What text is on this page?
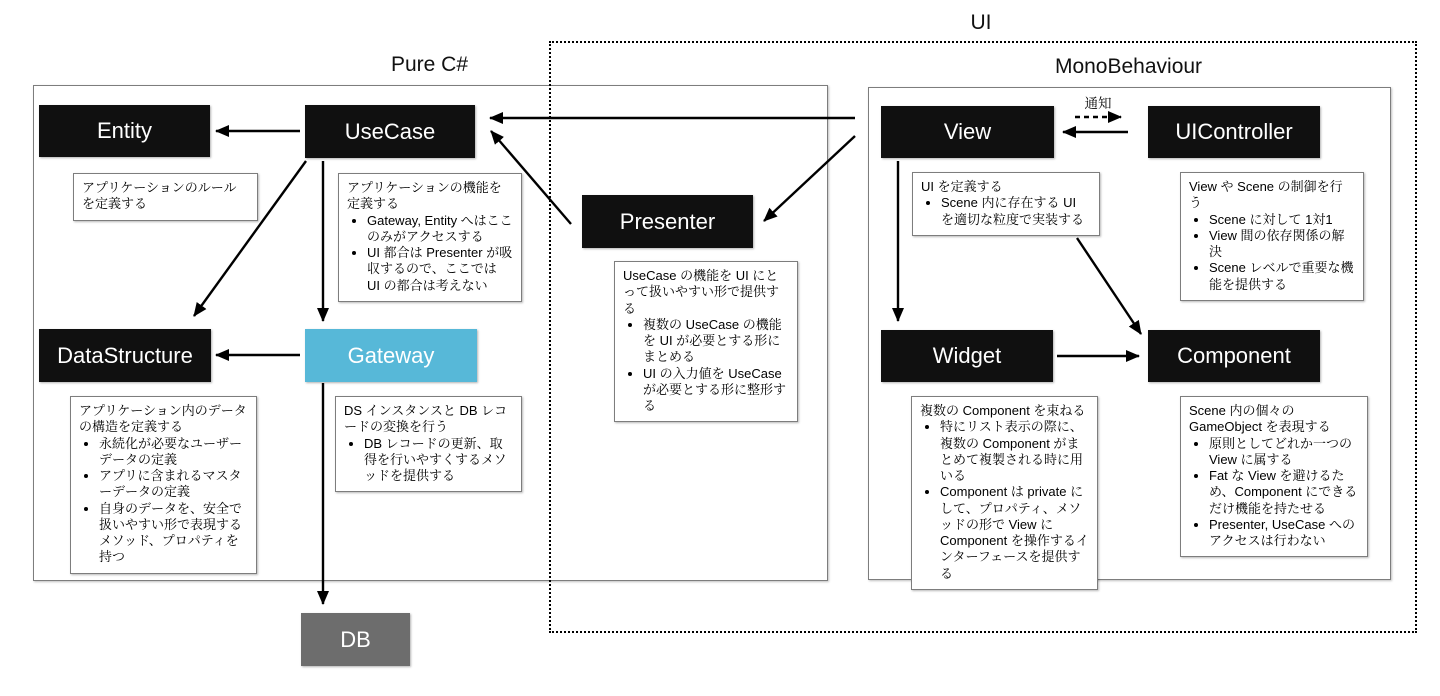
Pure C#
UI
MonoBehaviour
通知
Entity	UseCase
Presenter
DataStructure	Gateway
View	UIController
Widget	Component
DB
アプリケーションのルールを定義する
アプリケーションの機能を定義する
• Gateway, Entity へはここのみがアクセスする
• UI 都合は Presenter が吸収するので、ここでは UI の都合は考えない
UseCase の機能を UI にとって扱いやすい形で提供する
• 複数の UseCase の機能を UI が必要とする形にまとめる
• UI の入力値を UseCase が必要とする形に整形する
アプリケーション内のデータの構造を定義する
• 永続化が必要なユーザーデータの定義
• アプリに含まれるマスターデータの定義
• 自身のデータを、安全で扱いやすい形で表現するメソッド、プロパティを持つ
DS インスタンスと DB レコードの変換を行う
• DB レコードの更新、取得を行いやすくするメソッドを提供する
UI を定義する
• Scene 内に存在する UI を適切な粒度で実装する
View や Scene の制御を行う
• Scene に対して 1対1
• View 間の依存関係の解決
• Scene レベルで重要な機能を提供する
複数の Component を束ねる
• 特にリスト表示の際に、複数の Component がまとめて複製される時に用いる
• Component は private にして、プロパティ、メソッドの形で View に Component を操作するインターフェースを提供する
Scene 内の個々の GameObject を表現する
• 原則としてどれか一つの View に属する
• Fat な View を避けるため、Component にできるだけ機能を持たせる
• Presenter, UseCase へのアクセスは行わない
